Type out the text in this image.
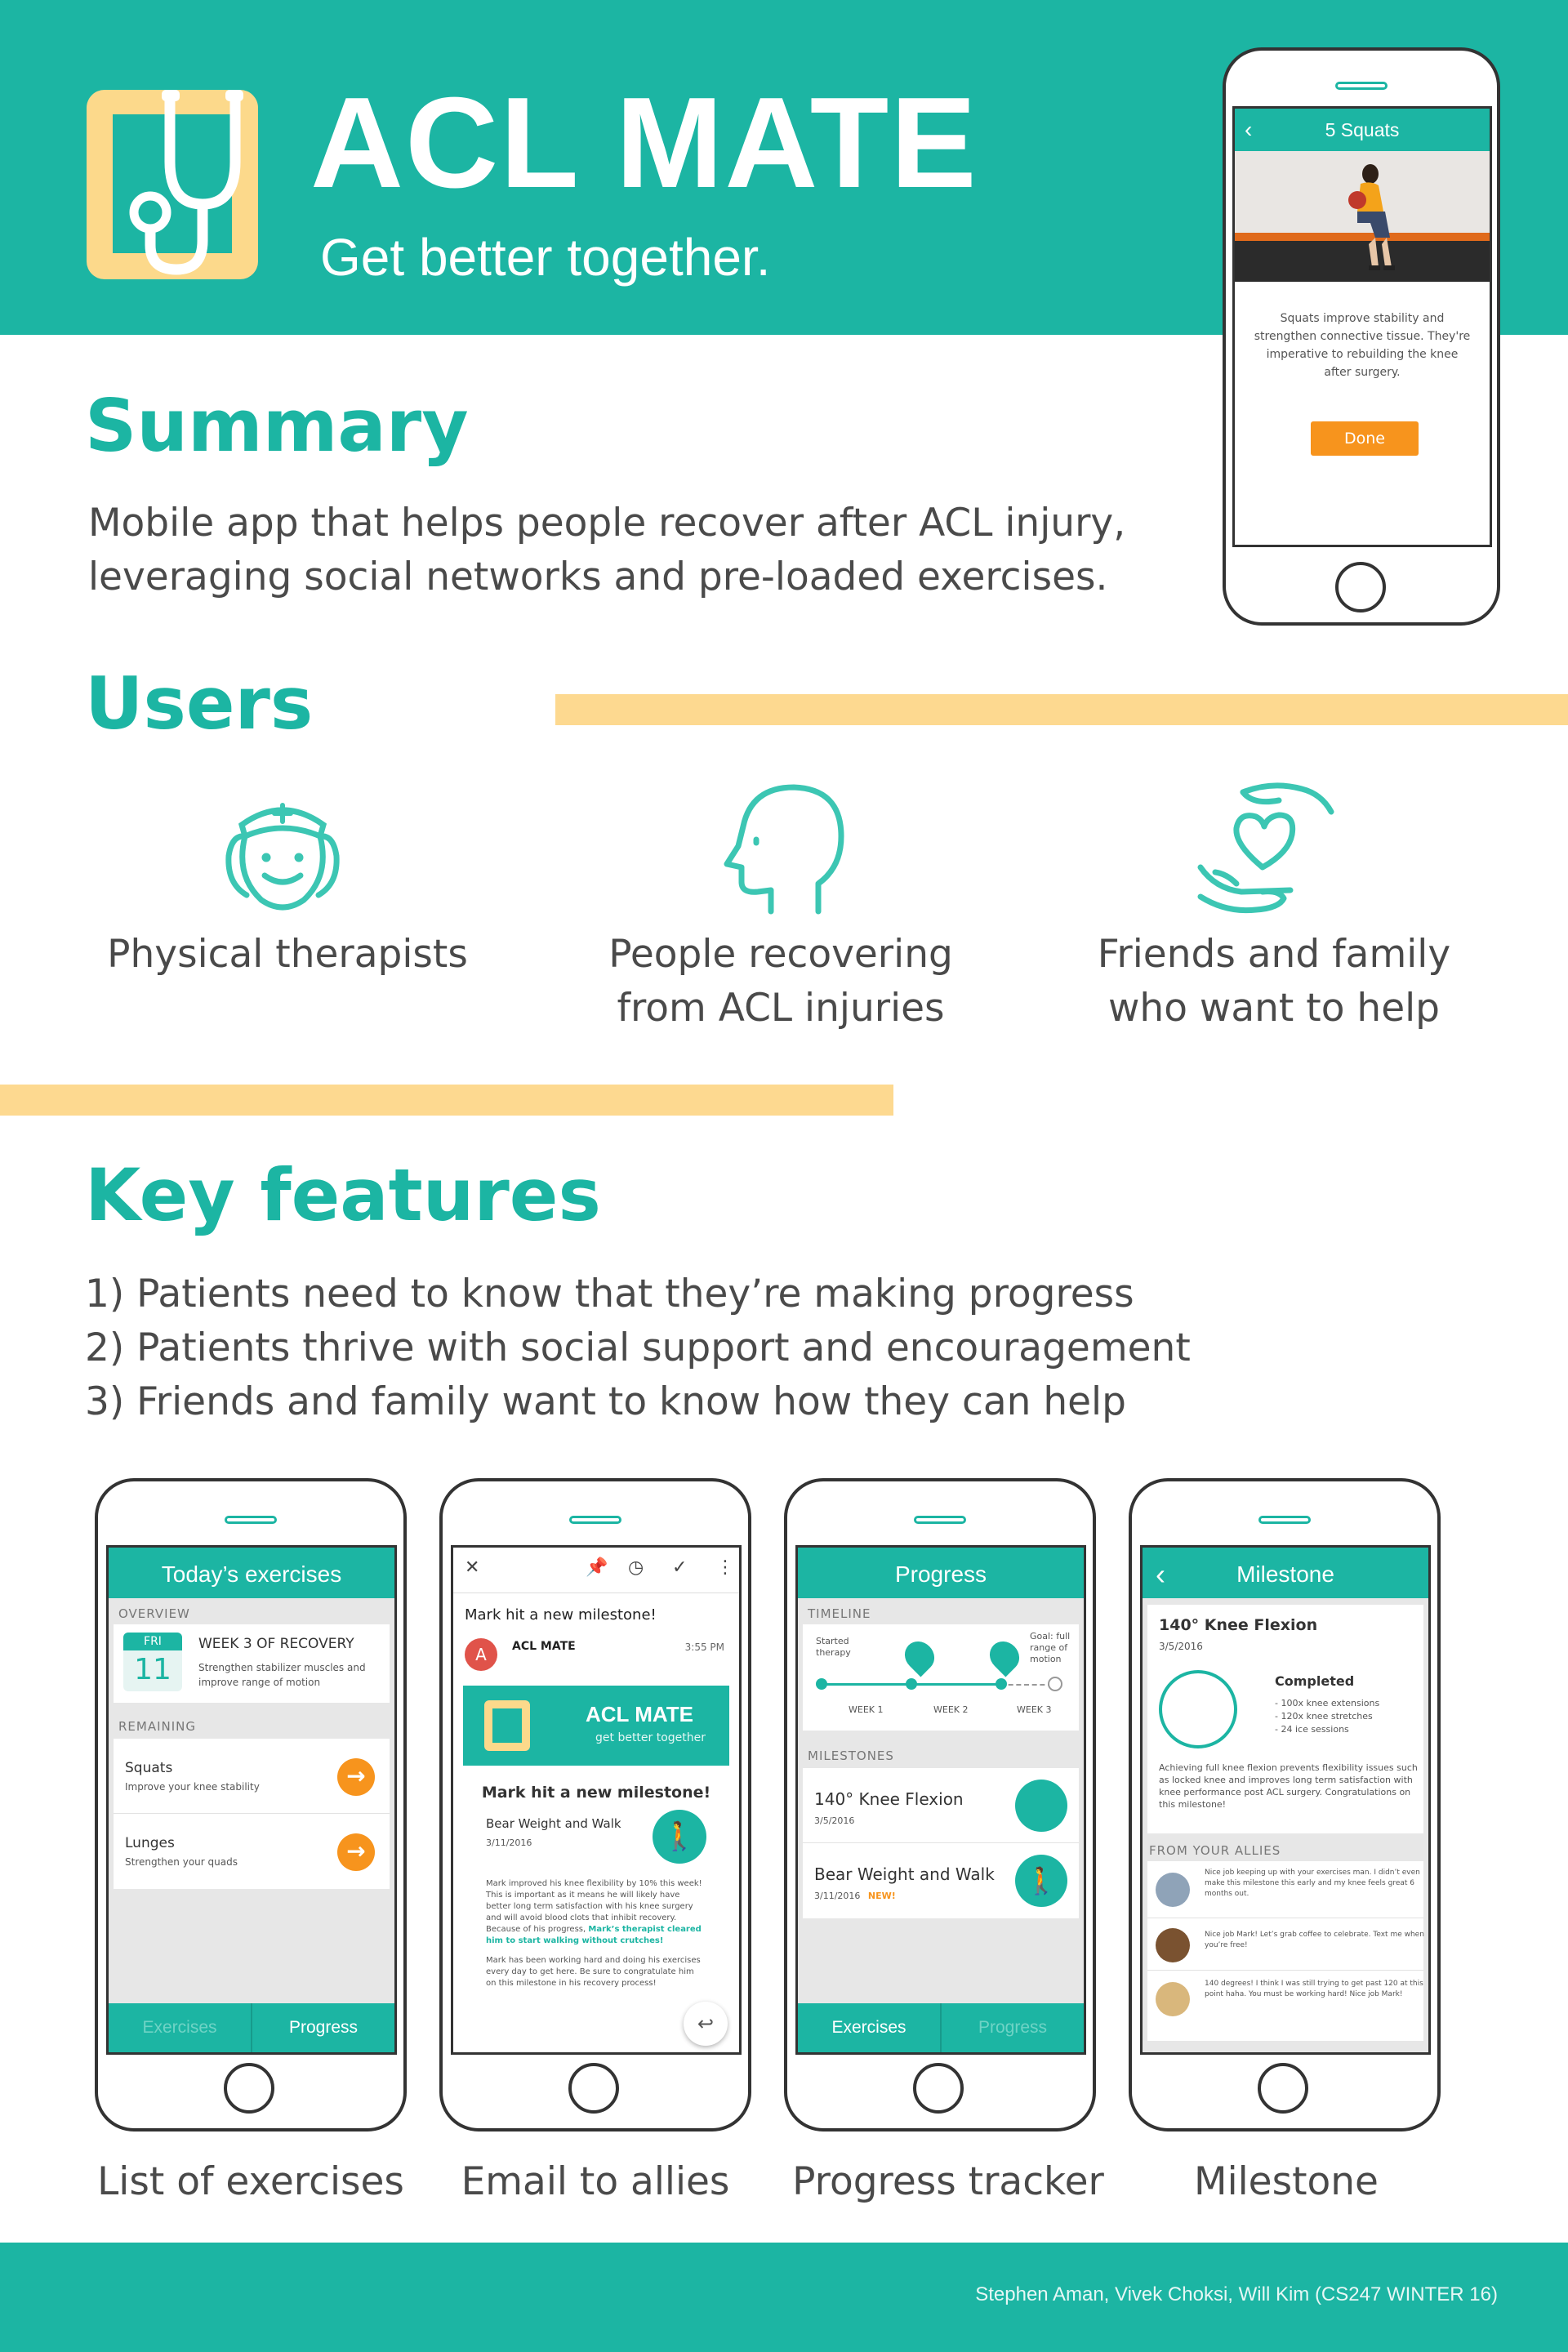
ACL MATE
Get better together.
‹	5 Squats
Squats improve stability and strengthen connective tissue. They're imperative to rebuilding the knee after surgery.
Done
Summary
Mobile app that helps people recover after ACL injury,
leveraging social networks and pre-loaded exercises.
Users
Physical therapists	People recovering
from ACL injuries
Friends and family
who want to help
Key features
1) Patients need to know that they’re making progress
2) Patients thrive with social support and encouragement
3) Friends and family want to know how they can help
Today’s exercises
OVERVIEW
FRI
11
WEEK 3 OF RECOVERY
Strengthen stabilizer muscles and improve range of motion
REMAINING
Squats
Improve your knee stability	→
Lunges
Strengthen your quads	→
Exercises	Progress
✕	📌 ◷ ✓ ⋮
Mark hit a new milestone!
A	ACL MATE	3:55 PM
ACL MATE
get better together
Mark hit a new milestone!
Bear Weight and Walk
3/11/2016	🚶
Mark improved his knee flexibility by 10% this week! This is important as it means he will likely have better long term satisfaction with his knee surgery and will avoid blood clots that inhibit recovery. Because of his progress, Mark’s therapist cleared him to start walking without crutches!
Mark has been working hard and doing his exercises every day to get here. Be sure to congratulate him on this milestone in his recovery process!
↩
Progress
TIMELINE
Started therapy
Goal: full range of motion
WEEK 1	WEEK 2	WEEK 3
MILESTONES
140° Knee Flexion
3/5/2016
Bear Weight and Walk
3/11/2016 NEW!	🚶
Exercises	Progress
‹	Milestone
140° Knee Flexion
3/5/2016
Completed
- 100x knee extensions
- 120x knee stretches
- 24 ice sessions
Achieving full knee flexion prevents flexibility issues such as locked knee and improves long term satisfaction with knee performance post ACL surgery. Congratulations on this milestone!
FROM YOUR ALLIES
Nice job keeping up with your exercises man. I didn’t even make this milestone this early and my knee feels great 6 months out.
Nice job Mark! Let’s grab coffee to celebrate. Text me when you’re free!
140 degrees! I think I was still trying to get past 120 at this point haha. You must be working hard! Nice job Mark!
List of exercises	Email to allies	Progress tracker	Milestone
Stephen Aman, Vivek Choksi, Will Kim (CS247 WINTER 16)
